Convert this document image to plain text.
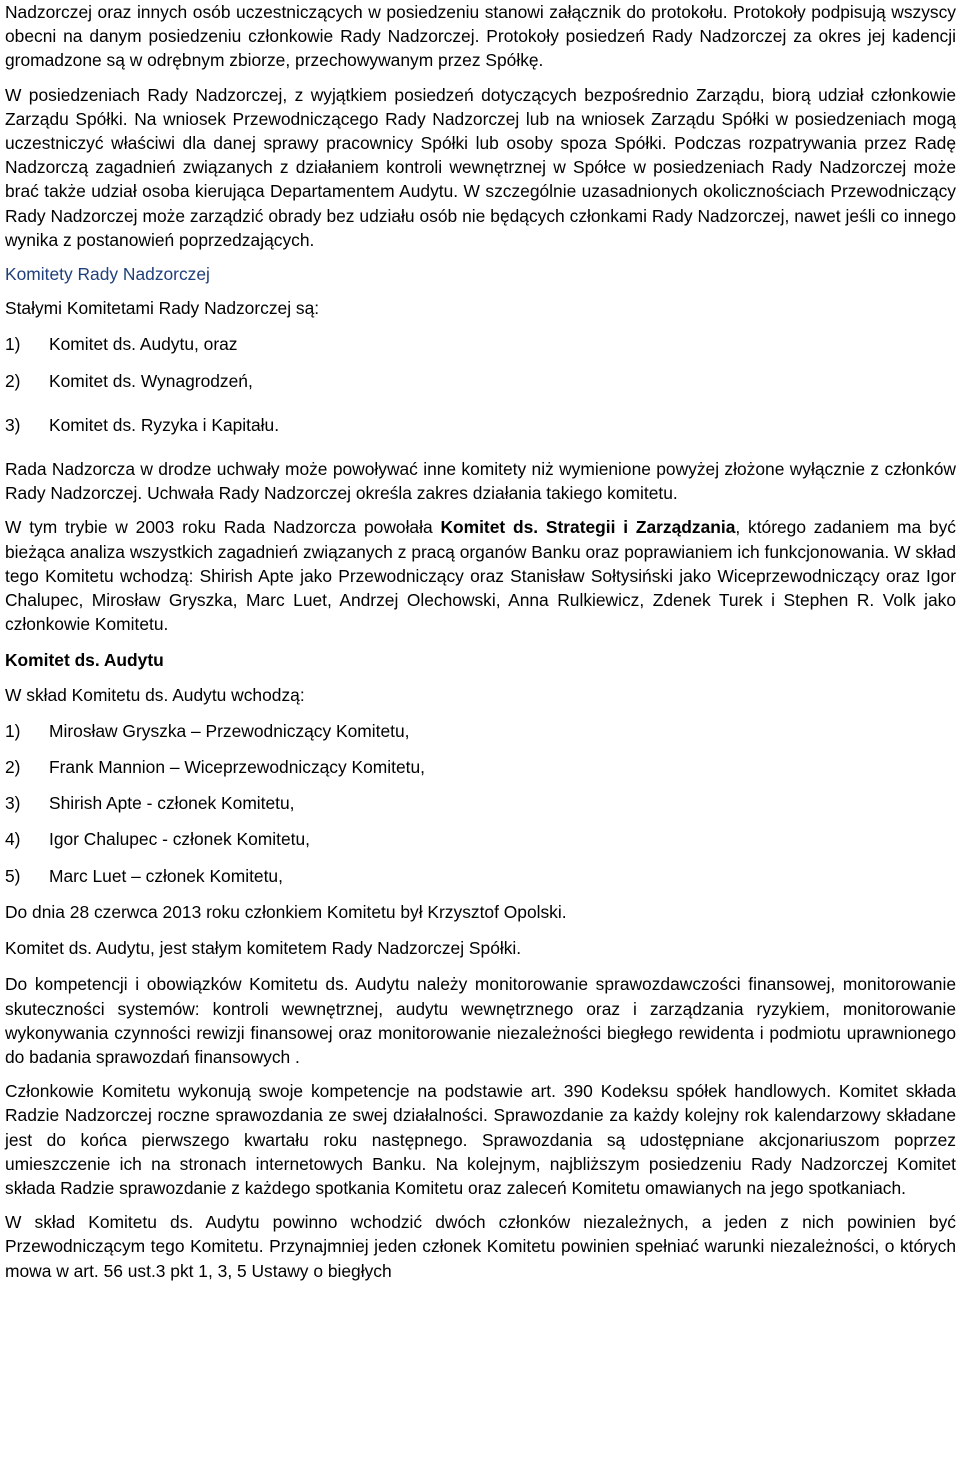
Nadzorczej oraz innych osób uczestniczących w posiedzeniu stanowi załącznik do protokołu. Protokoły podpisują wszyscy obecni na danym posiedzeniu członkowie Rady Nadzorczej. Protokoły posiedzeń Rady Nadzorczej za okres jej kadencji gromadzone są w odrębnym zbiorze, przechowywanym przez Spółkę.

W posiedzeniach Rady Nadzorczej, z wyjątkiem posiedzeń dotyczących bezpośrednio Zarządu, biorą udział członkowie Zarządu Spółki. Na wniosek Przewodniczącego Rady Nadzorczej lub na wniosek Zarządu Spółki w posiedzeniach mogą uczestniczyć właściwi dla danej sprawy pracownicy Spółki lub osoby spoza Spółki. Podczas rozpatrywania przez Radę Nadzorczą zagadnień związanych z działaniem kontroli wewnętrznej w Spółce w posiedzeniach Rady Nadzorczej może brać także udział osoba kierująca Departamentem Audytu. W szczególnie uzasadnionych okolicznościach Przewodniczący Rady Nadzorczej może zarządzić obrady bez udziału osób nie będących członkami Rady Nadzorczej, nawet jeśli co innego wynika z postanowień poprzedzających.

Komitety Rady Nadzorczej

Stałymi Komitetami Rady Nadzorczej są:

1)	Komitet ds. Audytu, oraz
2)	Komitet ds. Wynagrodzeń,
3)	Komitet ds. Ryzyka i Kapitału.

Rada Nadzorcza w drodze uchwały może powoływać inne komitety niż wymienione powyżej złożone wyłącznie z członków Rady Nadzorczej. Uchwała Rady Nadzorczej określa zakres działania takiego komitetu.

W tym trybie w 2003 roku Rada Nadzorcza powołała Komitet ds. Strategii i Zarządzania, którego zadaniem ma być bieżąca analiza wszystkich zagadnień związanych z pracą organów Banku oraz poprawianiem ich funkcjonowania. W skład tego Komitetu wchodzą: Shirish Apte jako Przewodniczący oraz Stanisław Sołtysiński jako Wiceprzewodniczący oraz Igor Chalupec, Mirosław Gryszka, Marc Luet, Andrzej Olechowski, Anna Rulkiewicz, Zdenek Turek i Stephen R. Volk jako członkowie Komitetu.

Komitet ds. Audytu

W skład Komitetu ds. Audytu wchodzą:

1)	Mirosław Gryszka – Przewodniczący Komitetu,
2)	Frank Mannion – Wiceprzewodniczący Komitetu,
3)	Shirish Apte - członek Komitetu,
4)	Igor Chalupec - członek Komitetu,
5)	Marc Luet – członek Komitetu,

Do dnia 28 czerwca 2013 roku członkiem Komitetu był Krzysztof Opolski.

Komitet ds. Audytu, jest stałym komitetem Rady Nadzorczej Spółki.

Do kompetencji i obowiązków Komitetu ds. Audytu należy monitorowanie sprawozdawczości finansowej, monitorowanie skuteczności systemów: kontroli wewnętrznej, audytu wewnętrznego oraz i zarządzania ryzykiem, monitorowanie wykonywania czynności rewizji finansowej oraz monitorowanie niezależności biegłego rewidenta i podmiotu uprawnionego do badania sprawozdań finansowych .

Członkowie Komitetu wykonują swoje kompetencje na podstawie art. 390 Kodeksu spółek handlowych. Komitet składa Radzie Nadzorczej roczne sprawozdania ze swej działalności. Sprawozdanie za każdy kolejny rok kalendarzowy składane jest do końca pierwszego kwartału roku następnego. Sprawozdania są udostępniane akcjonariuszom poprzez umieszczenie ich na stronach internetowych Banku. Na kolejnym, najbliższym posiedzeniu Rady Nadzorczej Komitet składa Radzie sprawozdanie z każdego spotkania Komitetu oraz zaleceń Komitetu omawianych na jego spotkaniach.

W skład Komitetu ds. Audytu powinno wchodzić dwóch członków niezależnych, a jeden z nich powinien być Przewodniczącym tego Komitetu. Przynajmniej jeden członek Komitetu powinien spełniać warunki niezależności, o których mowa w art. 56 ust.3 pkt 1, 3, 5 Ustawy o biegłych
